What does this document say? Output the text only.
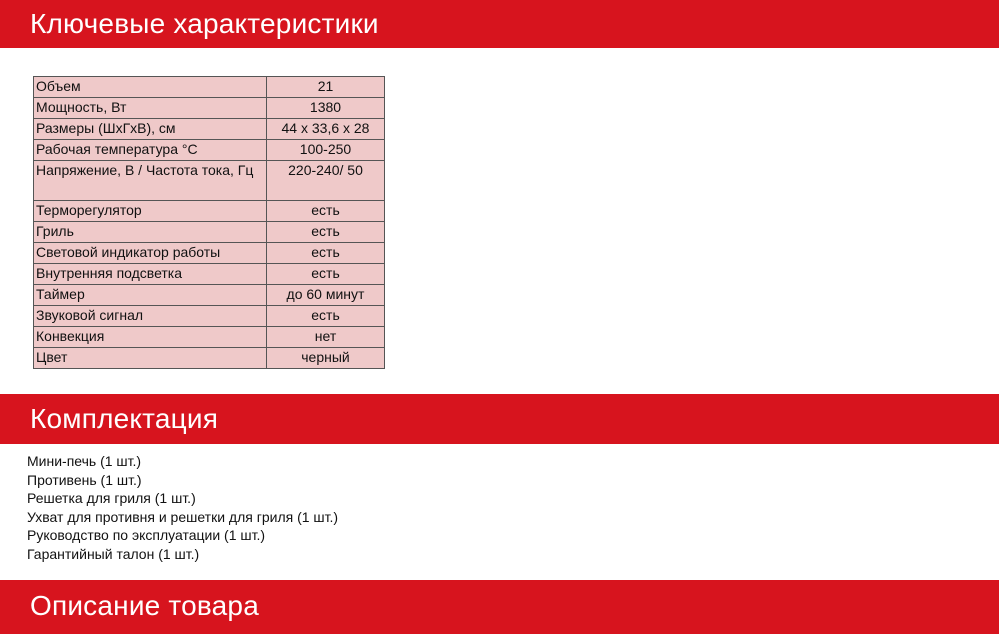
Ключевые характеристики
Объем	21
Мощность, Вт	1380
Размеры (ШхГхВ), см	44 х 33,6 х 28
Рабочая температура °С	100-250
Напряжение, В / Частота тока, Гц	220-240/ 50
Терморегулятор	есть
Гриль	есть
Световой индикатор работы	есть
Внутренняя подсветка	есть
Таймер	до 60 минут
Звуковой сигнал	есть
Конвекция	нет
Цвет	черный
Комплектация
Мини-печь (1 шт.)
Противень (1 шт.)
Решетка для гриля (1 шт.)
Ухват для противня и решетки для гриля (1 шт.)
Руководство по эксплуатации (1 шт.)
Гарантийный талон (1 шт.)
Описание товара
